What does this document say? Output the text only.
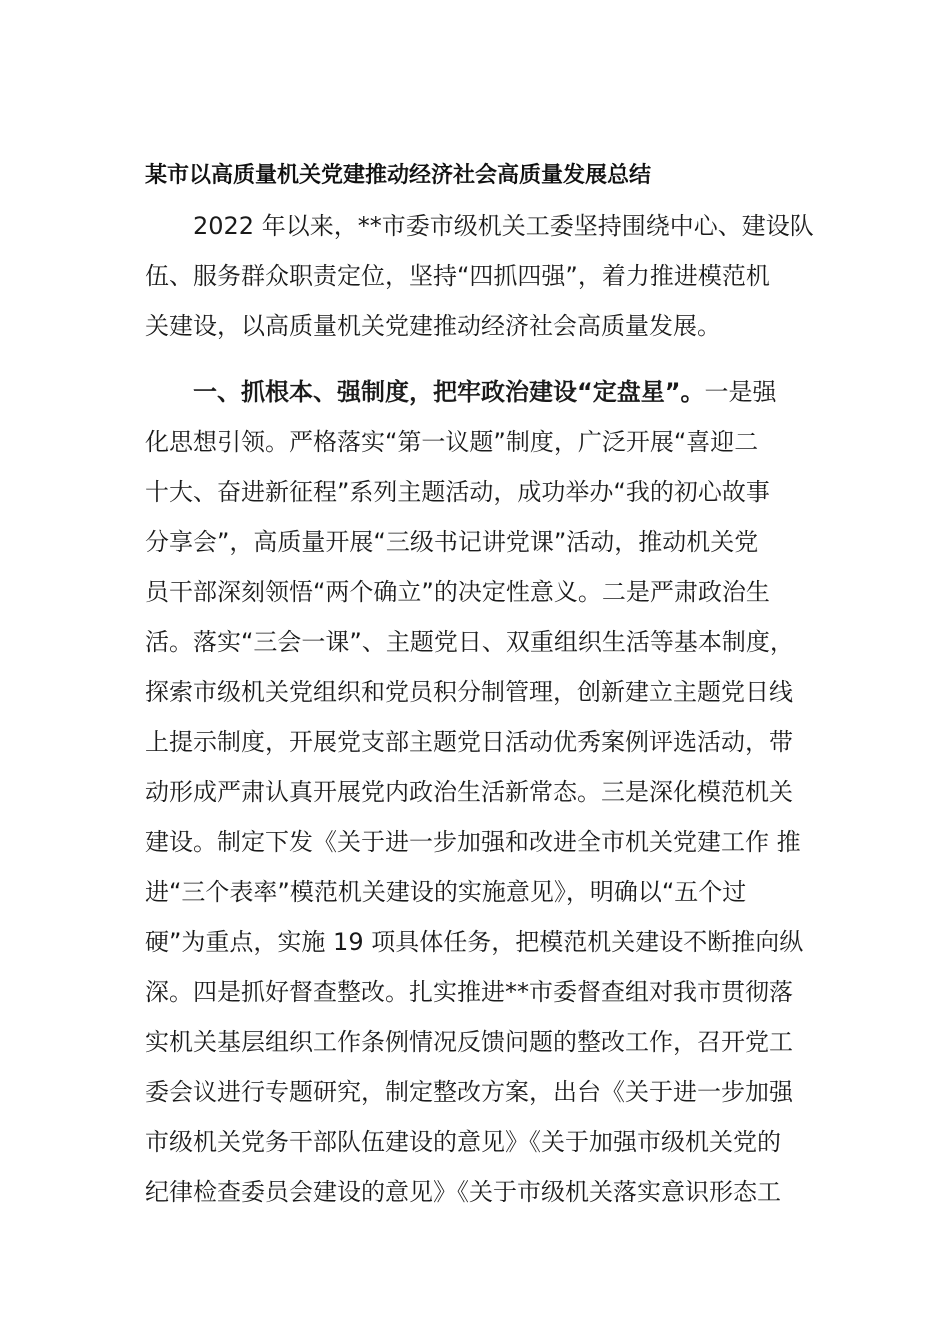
某市以高质量机关党建推动经济社会高质量发展总结
2022 年以来，**市委市级机关工委坚持围绕中心、建设队
伍、服务群众职责定位，坚持“四抓四强”，着力推进模范机
关建设，以高质量机关党建推动经济社会高质量发展。
一、抓根本、强制度，把牢政治建设“定盘星”。一是强
化思想引领。严格落实“第一议题”制度，广泛开展“喜迎二
十大、奋进新征程”系列主题活动，成功举办“我的初心故事
分享会”，高质量开展“三级书记讲党课”活动，推动机关党
员干部深刻领悟“两个确立”的决定性意义。二是严肃政治生
活。落实“三会一课”、主题党日、双重组织生活等基本制度，
探索市级机关党组织和党员积分制管理，创新建立主题党日线
上提示制度，开展党支部主题党日活动优秀案例评选活动，带
动形成严肃认真开展党内政治生活新常态。三是深化模范机关
建设。制定下发《关于进一步加强和改进全市机关党建工作 推
进“三个表率”模范机关建设的实施意见》，明确以“五个过
硬”为重点，实施 19 项具体任务，把模范机关建设不断推向纵
深。四是抓好督查整改。扎实推进**市委督查组对我市贯彻落
实机关基层组织工作条例情况反馈问题的整改工作，召开党工
委会议进行专题研究，制定整改方案，出台《关于进一步加强
市级机关党务干部队伍建设的意见》《关于加强市级机关党的
纪律检查委员会建设的意见》《关于市级机关落实意识形态工
